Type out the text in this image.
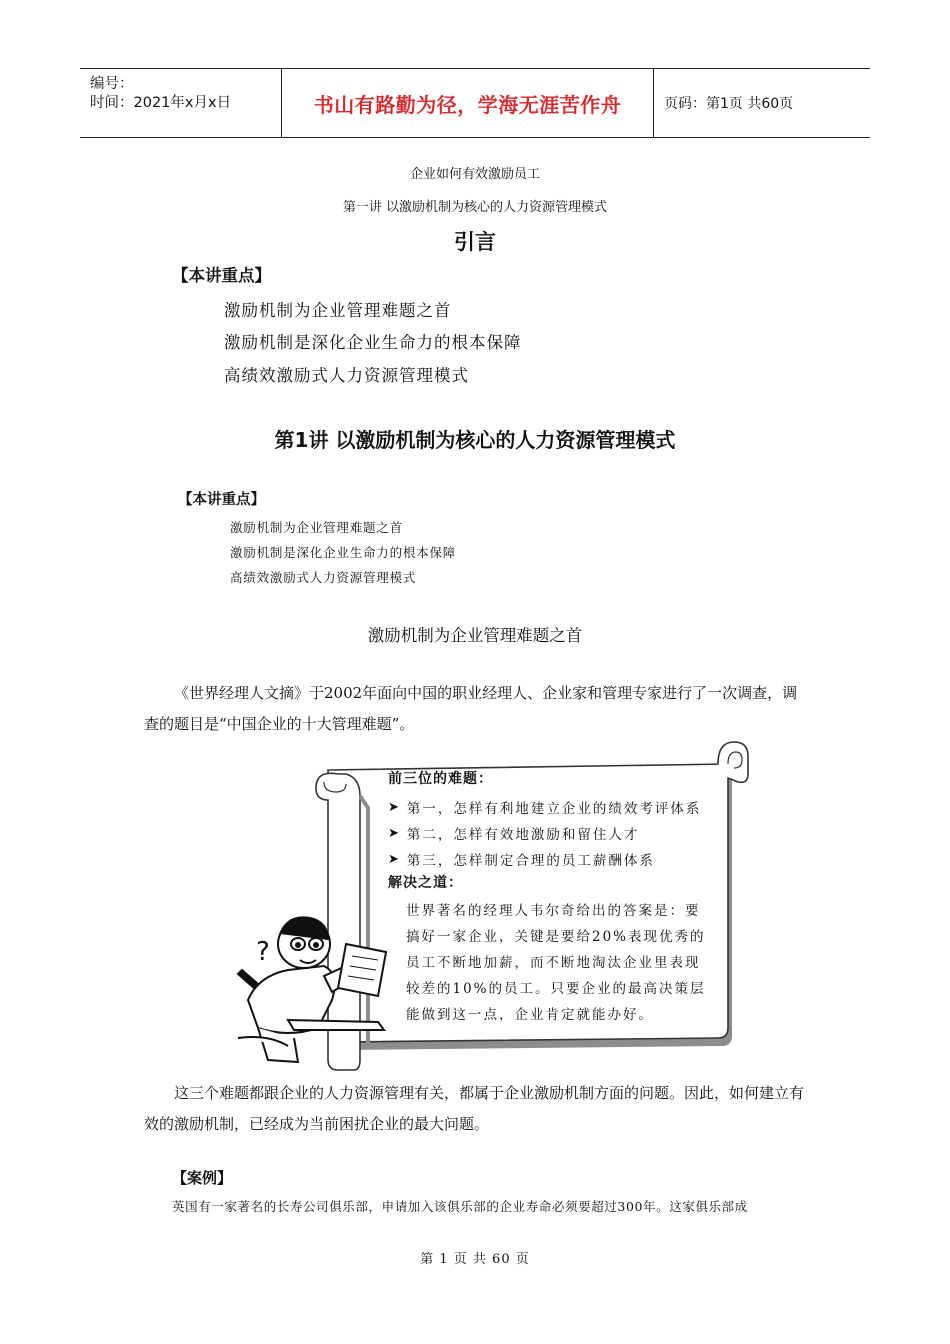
编号：
时间：2021年x月x日	书山有路勤为径，学海无涯苦作舟	页码：第1页 共60页
企业如何有效激励员工
第一讲 以激励机制为核心的人力资源管理模式
引言
【本讲重点】
激励机制为企业管理难题之首
激励机制是深化企业生命力的根本保障
高绩效激励式人力资源管理模式
第1讲 以激励机制为核心的人力资源管理模式
【本讲重点】
激励机制为企业管理难题之首
激励机制是深化企业生命力的根本保障
高绩效激励式人力资源管理模式
激励机制为企业管理难题之首
《世界经理人文摘》于2002年面向中国的职业经理人、企业家和管理专家进行了一次调查，调查的题目是“中国企业的十大管理难题”。
?
前三位的难题：
➤ 第一，怎样有利地建立企业的绩效考评体系
➤ 第二，怎样有效地激励和留住人才
➤ 第三，怎样制定合理的员工薪酬体系
解决之道：
世界著名的经理人韦尔奇给出的答案是：要
搞好一家企业，关键是要给20%表现优秀的
员工不断地加薪，而不断地淘汰企业里表现
较差的10%的员工。只要企业的最高决策层
能做到这一点，企业肯定就能办好。
这三个难题都跟企业的人力资源管理有关，都属于企业激励机制方面的问题。因此，如何建立有效的激励机制，已经成为当前困扰企业的最大问题。
【案例】
英国有一家著名的长寿公司俱乐部，申请加入该俱乐部的企业寿命必须要超过300年。这家俱乐部成
第 1 页 共 60 页
